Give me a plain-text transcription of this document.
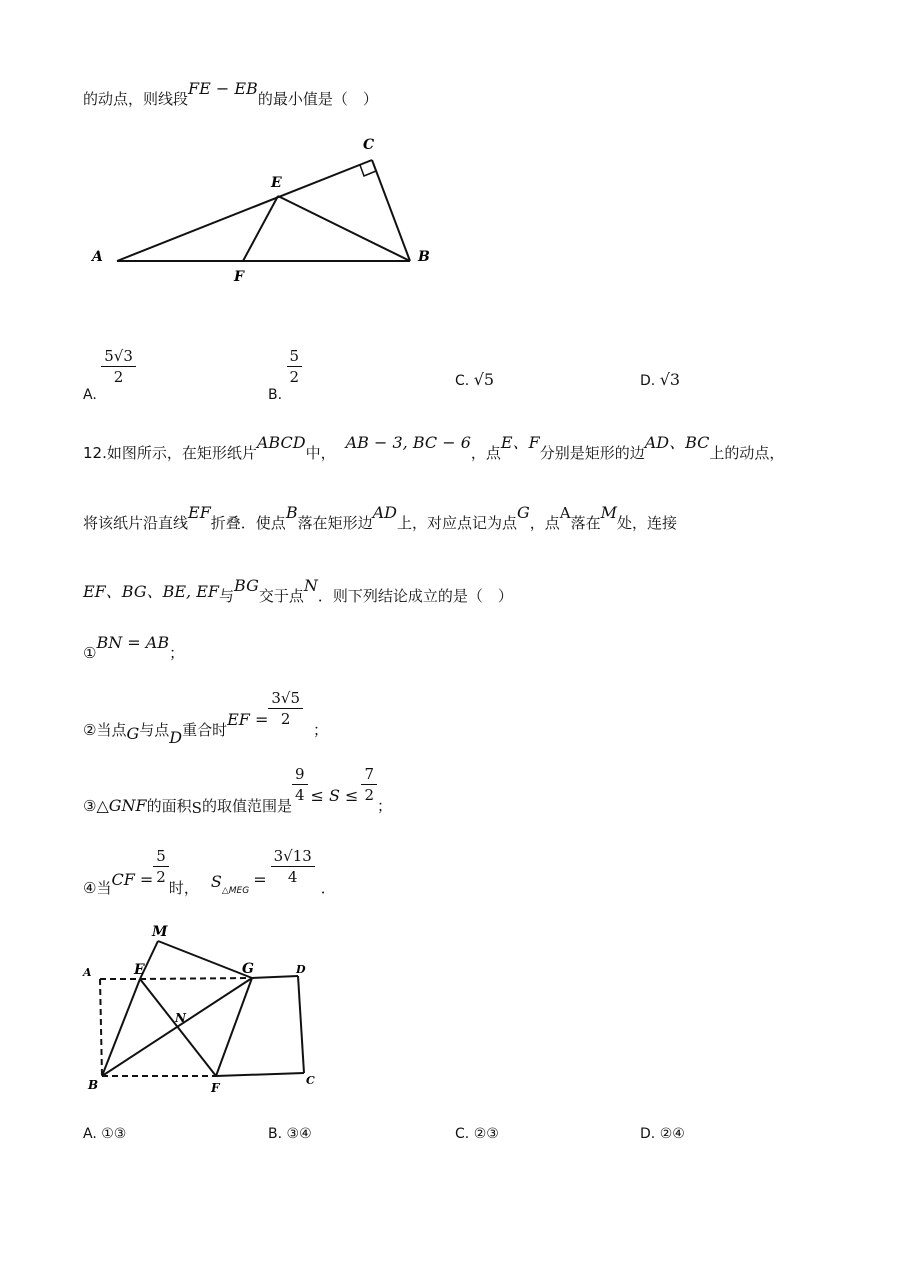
的动点，则线段FE − EB的最小值是（　）
A	B
C
E
F
A.
$\frac{5√3}{2}$
B.
$\frac{5}{2}$	C. √5	D. √3
12.如图所示，在矩形纸片ABCD中，AB − 3, BC − 6，点E、F分别是矩形的边AD、BC上的动点，
将该纸片沿直线EF折叠．使点B落在矩形边AD上，对应点记为点G，点A落在M处，连接
EF、BG、BE, EF与BG交于点N．则下列结论成立的是（　）
①BN = AB；
②当点G与点D重合时EF = $\frac{3√5}{2}$
；
③△GNF的面积S的取值范围是
$\frac{9}{4} \le S \le \frac{7}{2}$
；
④当CF = $\frac{5}{2}$
时， $S_{\triangle MEG}= \frac{3√13}{4}$
．
M
A	E	G	D
N
B	F
C
A. ①③	B. ③④	C. ②③	D. ②④
